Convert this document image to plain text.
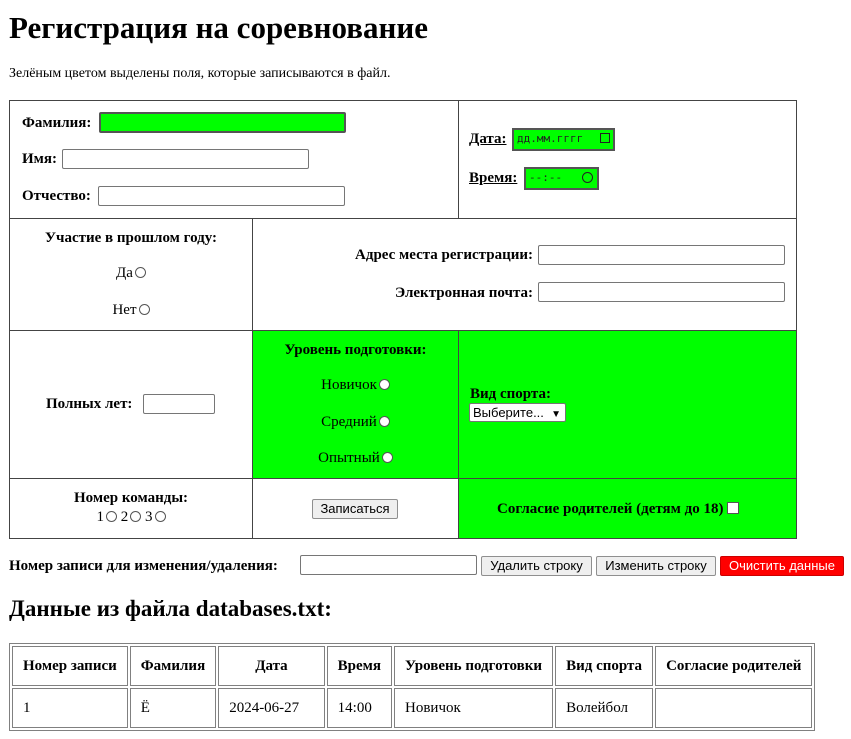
Регистрация на соревнование
Зелёным цветом выделены поля, которые записываются в файл.
Фамилия:
Имя:
Отчество:
Дата: дд.мм.гггг
Время:	--:--
Участие в прошлом году:
Да
Нет
Адрес места регистрации:
Электронная почта:
Полных лет:
Уровень подготовки:
Новичок
Средний
Опытный
Вид спорта:
Выберите... ▼
Номер команды:
1 2 3
Записаться	Согласие родителей (детям до 18)
Номер записи для изменения/удаления:	Удалить строку	Изменить строку	Очистить данные
Данные из файла databases.txt:
Номер записи	Фамилия	Дата	Время	Уровень подготовки	Вид спорта	Согласие родителей
1	Ё	2024-06-27	14:00	Новичок	Волейбол	
